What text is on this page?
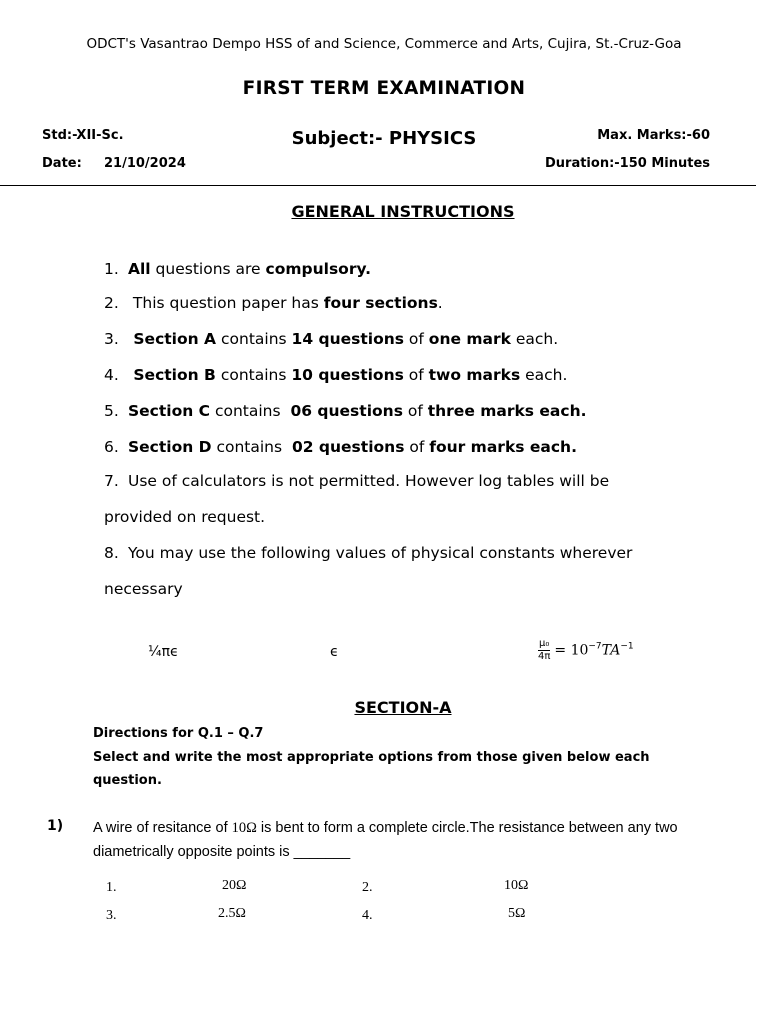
ODCT's Vasantrao Dempo HSS of and Science, Commerce and Arts, Cujira, St.-Cruz-Goa
FIRST TERM EXAMINATION
Std:-XII-Sc.
Date: 21/10/2024
Subject:- PHYSICS	Max. Marks:-60
Duration:-150 Minutes
GENERAL INSTRUCTIONS
1. All questions are compulsory.
2. This question paper has four sections.
3. Section A contains 14 questions of one mark each.
4. Section B contains 10 questions of two marks each.
5. Section C contains  06 questions of three marks each.
6. Section D contains  02 questions of four marks each.
7. Use of calculators is not permitted. However log tables will be
provided on request.
8. You may use the following values of physical constants wherever
necessary
¼πϵ	ϵ	$\frac{\text{μ₀}}{4\pi} = 10^{-7}TA^{-1}$
SECTION-A
Directions for Q.1 – Q.7
Select and write the most appropriate options from those given below each question.
1) A wire of resitance of 10Ω is bent to form a complete circle.The resistance between any two diametrically opposite points is _______
1.	20Ω	2.	10Ω
3.	2.5Ω	4.	5Ω
